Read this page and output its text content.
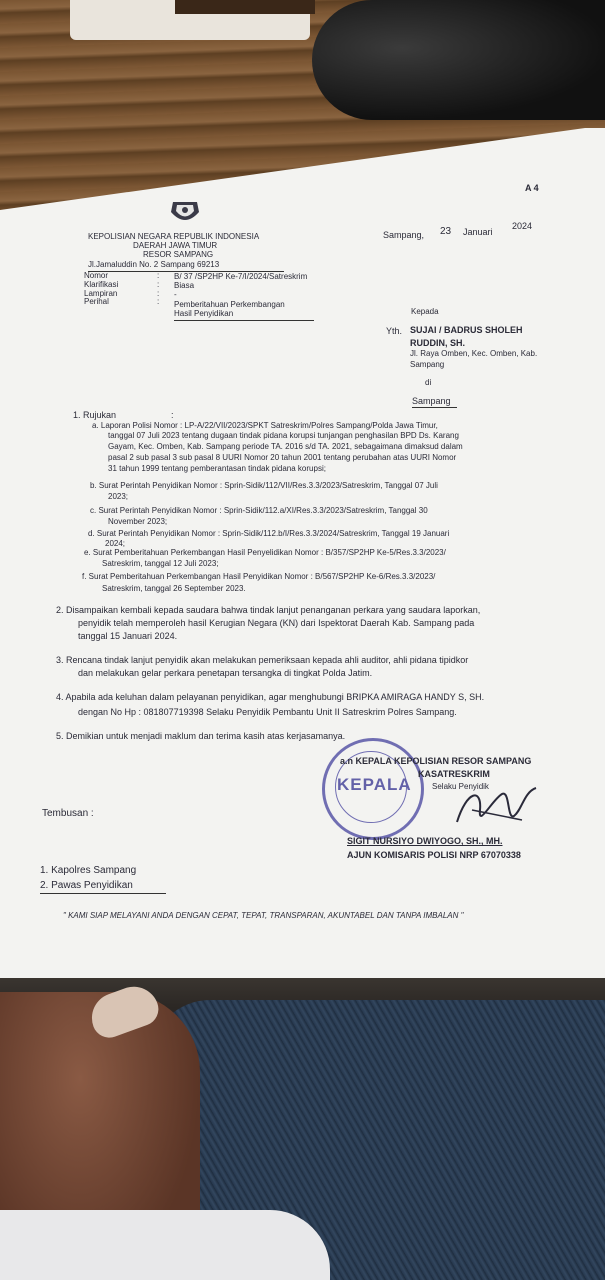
A 4
KEPOLISIAN NEGARA REPUBLIK INDONESIA
DAERAH JAWA TIMUR
RESOR SAMPANG
Jl.Jamaluddin No. 2 Sampang 69213
Sampang, 23 Januari
2024
Nomor	: B/ 37 /SP2HP Ke-7/I/2024/Satreskrim
Klarifikasi	: Biasa
Lampiran	: -
Perihal	: Pemberitahuan Perkembangan
Hasil Penyidikan	Kepada
Yth. SUJAI / BADRUS SHOLEH
RUDDIN, SH.
Jl. Raya Omben, Kec. Omben, Kab.
Sampang
di
Sampang
1. Rujukan	:
a. Laporan Polisi Nomor : LP-A/22/VII/2023/SPKT Satreskrim/Polres Sampang/Polda Jawa Timur,
tanggal 07 Juli 2023 tentang dugaan tindak pidana korupsi tunjangan penghasilan BPD Ds. Karang
Gayam, Kec. Omben, Kab. Sampang periode TA. 2016 s/d TA. 2021, sebagaimana dimaksud dalam
pasal 2 sub pasal 3 sub pasal 8 UURI Nomor 20 tahun 2001 tentang perubahan atas UURI Nomor
31 tahun 1999 tentang pemberantasan tindak pidana korupsi;
b. Surat Perintah Penyidikan Nomor : Sprin-Sidik/112/VII/Res.3.3/2023/Satreskrim, Tanggal 07 Juli
2023;
c. Surat Perintah Penyidikan Nomor : Sprin-Sidik/112.a/XI/Res.3.3/2023/Satreskrim, Tanggal 30
November 2023;
d. Surat Perintah Penyidikan Nomor : Sprin-Sidik/112.b/I/Res.3.3/2024/Satreskrim, Tanggal 19 Januari
2024;
e. Surat Pemberitahuan Perkembangan Hasil Penyelidikan Nomor : B/357/SP2HP Ke-5/Res.3.3/2023/
Satreskrim, tanggal 12 Juli 2023;
f. Surat Pemberitahuan Perkembangan Hasil Penyidikan Nomor : B/567/SP2HP Ke-6/Res.3.3/2023/
Satreskrim, tanggal 26 September 2023.
2. Disampaikan kembali kepada saudara bahwa tindak lanjut penanganan perkara yang saudara laporkan,
penyidik telah memperoleh hasil Kerugian Negara (KN) dari Ispektorat Daerah Kab. Sampang pada
tanggal 15 Januari 2024.
3. Rencana tindak lanjut penyidik akan melakukan pemeriksaan kepada ahli auditor, ahli pidana tipidkor
dan melakukan gelar perkara penetapan tersangka di tingkat Polda Jatim.
4. Apabila ada keluhan dalam pelayanan penyidikan, agar menghubungi BRIPKA AMIRAGA HANDY S, SH.
dengan No Hp : 081807719398 Selaku Penyidik Pembantu Unit II Satreskrim Polres Sampang.
5. Demikian untuk menjadi maklum dan terima kasih atas kerjasamanya.
KEPALA
a.n KEPALA KEPOLISIAN RESOR SAMPANG
KASATRESKRIM
Selaku Penyidik
SIGIT NURSIYO DWIYOGO, SH., MH.
AJUN KOMISARIS POLISI NRP 67070338
Tembusan :
1. Kapolres Sampang
2. Pawas Penyidikan
" KAMI SIAP MELAYANI ANDA DENGAN CEPAT, TEPAT, TRANSPARAN, AKUNTABEL DAN TANPA IMBALAN "
